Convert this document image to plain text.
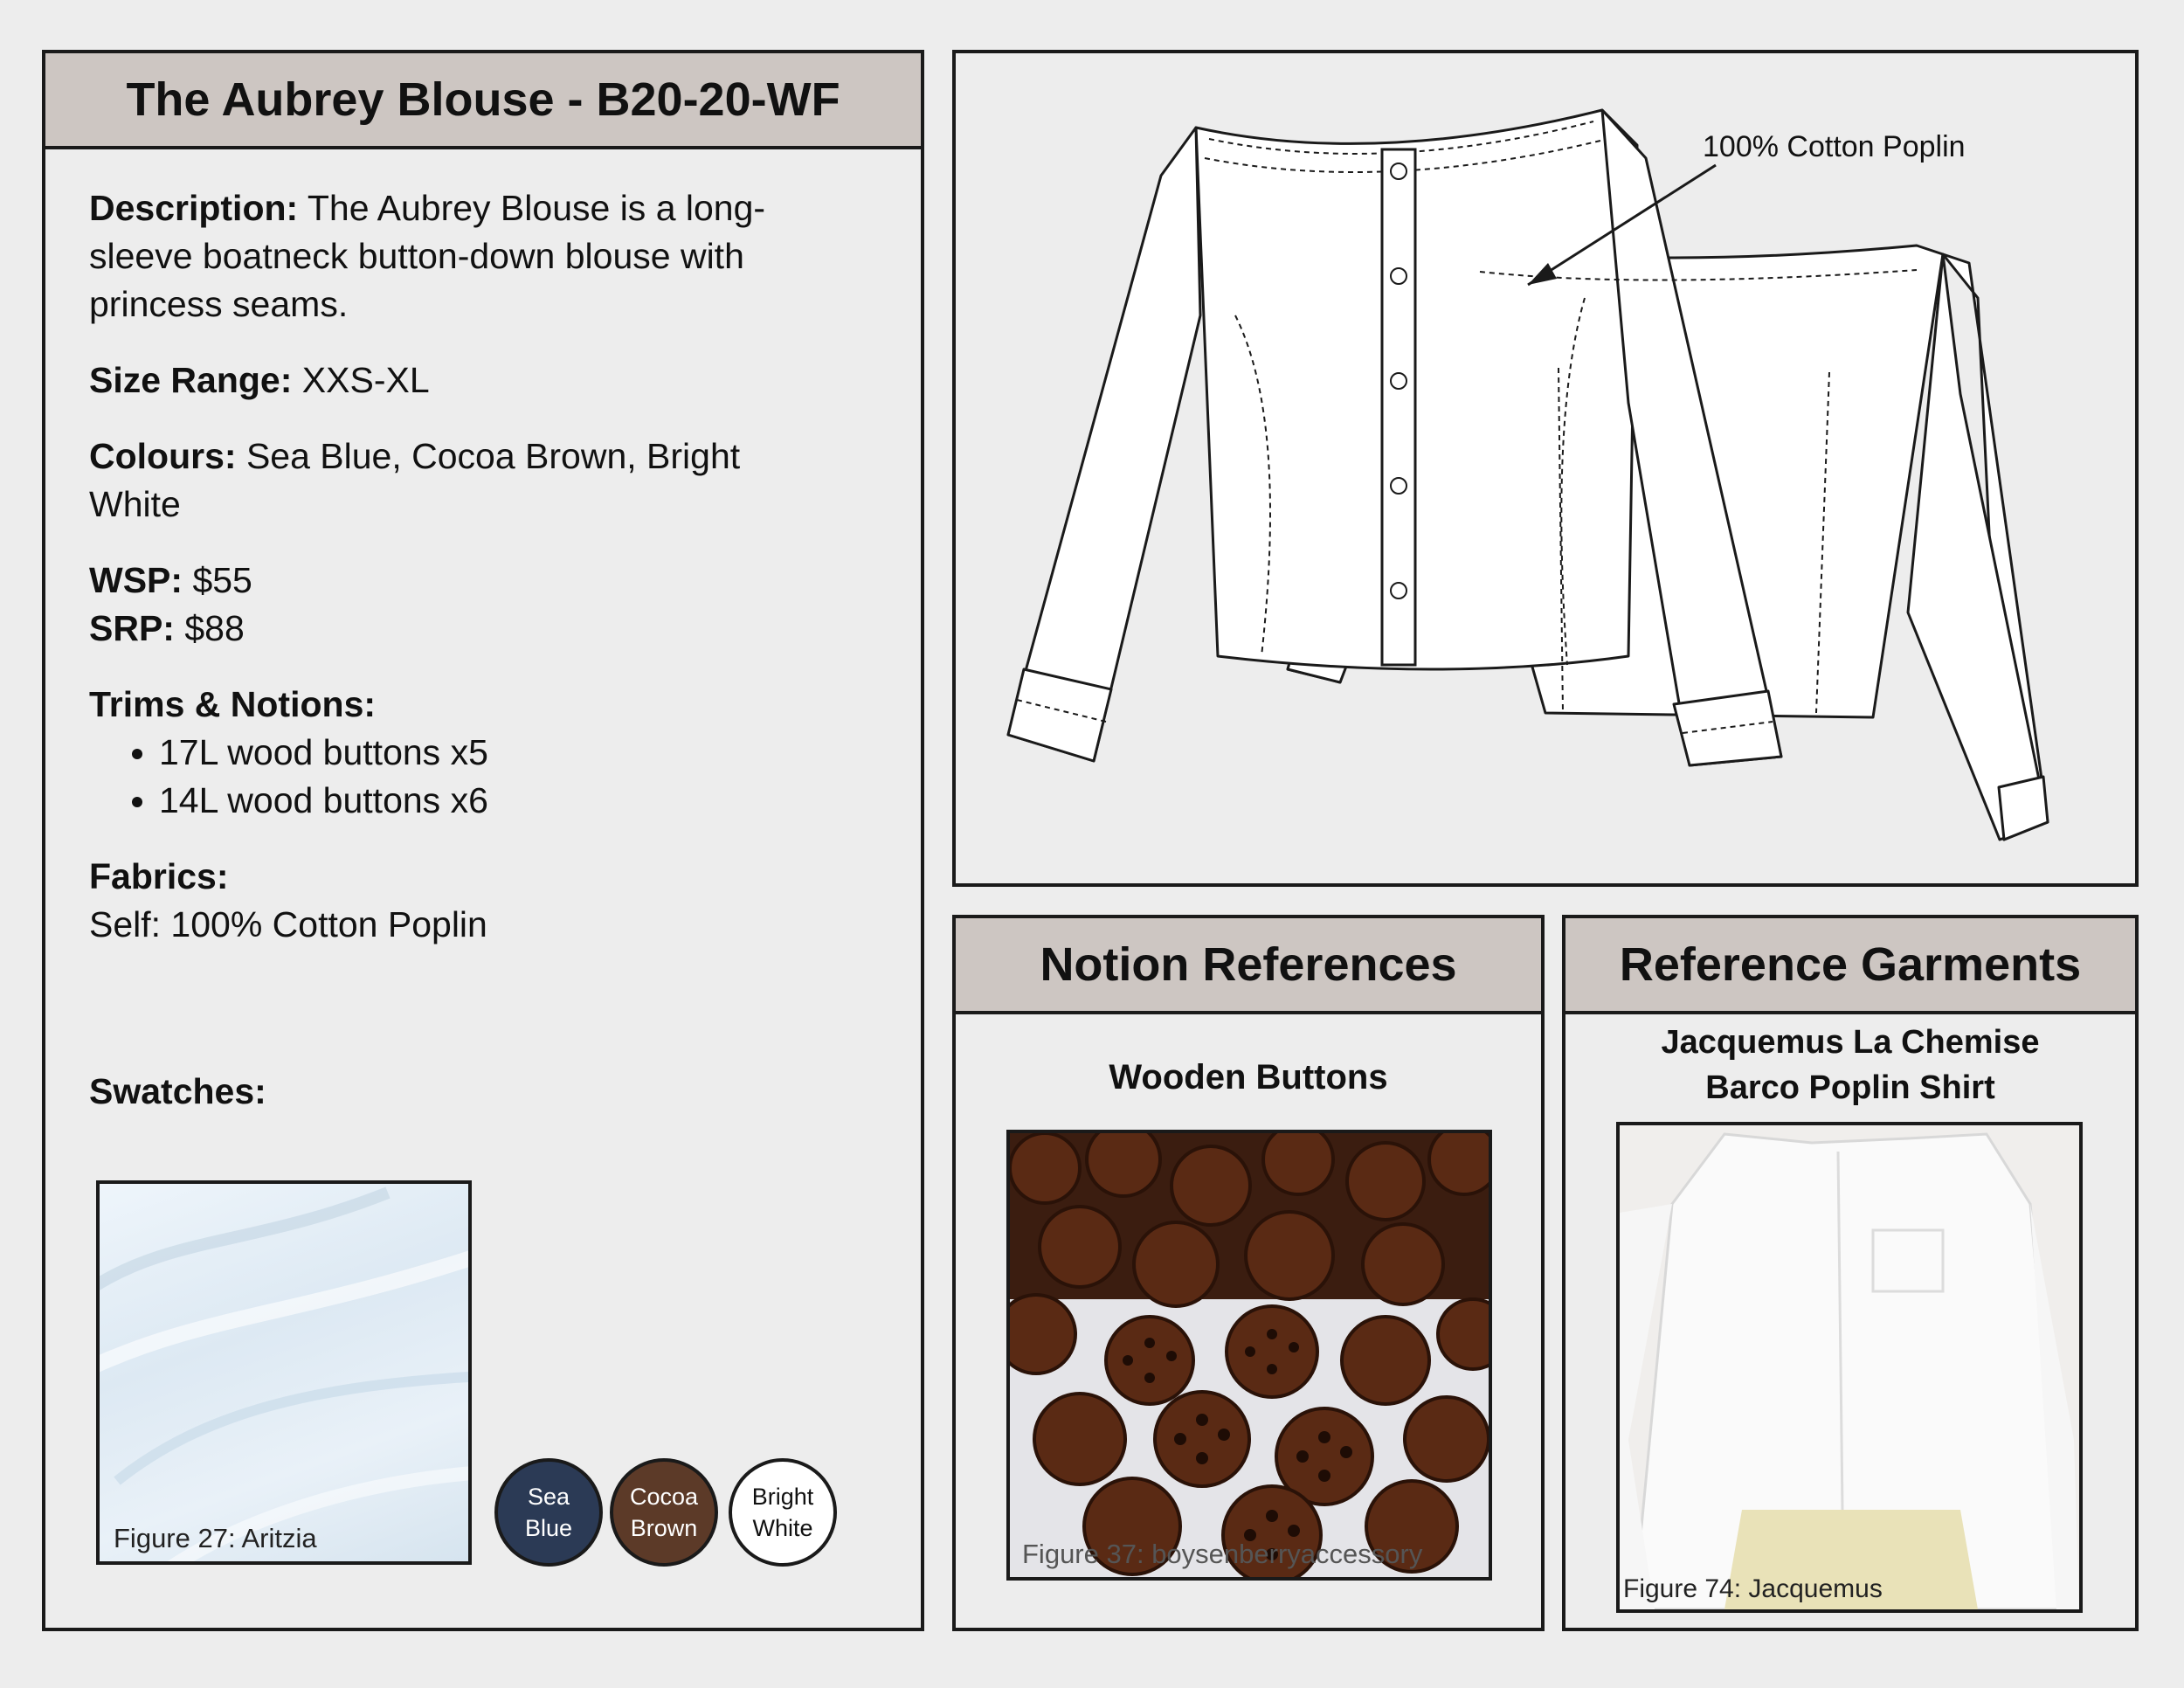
The Aubrey Blouse - B20-20-WF

Description: The Aubrey Blouse is a long-sleeve boatneck button-down blouse with princess seams.

Size Range: XXS-XL

Colours: Sea Blue, Cocoa Brown, Bright White

WSP: $55

SRP: $88

Trims & Notions:

• 17L wood buttons x5
• 14L wood buttons x6

Fabrics:

Self: 100% Cotton Poplin

Swatches:
Figure 27: Aritzia
Sea
Blue
Cocoa
Brown
Bright
White
100% Cotton Poplin
Notion References
Wooden Buttons
Figure 37: boysenberryaccessory
Reference Garments
Jacquemus La Chemise
Barco Poplin Shirt
Figure 74: Jacquemus
